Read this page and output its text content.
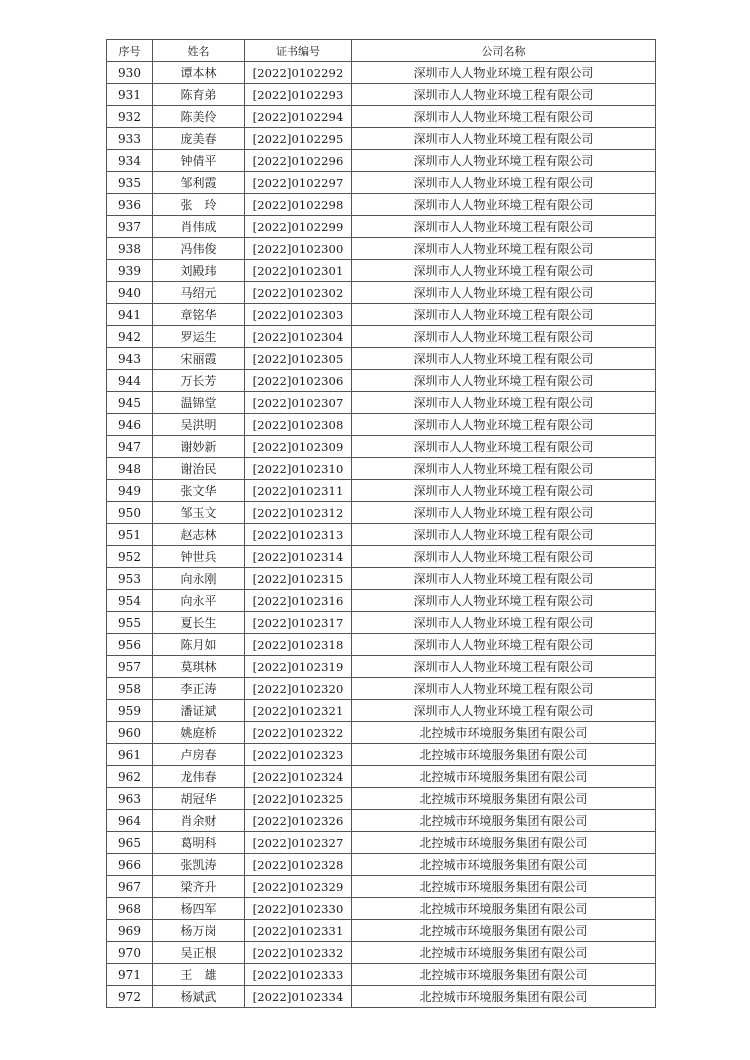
序号	姓名	证书编号	公司名称
930	谭本林	[2022]0102292	深圳市人人物业环境工程有限公司
931	陈育弟	[2022]0102293	深圳市人人物业环境工程有限公司
932	陈美伶	[2022]0102294	深圳市人人物业环境工程有限公司
933	庞美春	[2022]0102295	深圳市人人物业环境工程有限公司
934	钟倩平	[2022]0102296	深圳市人人物业环境工程有限公司
935	邹利霞	[2022]0102297	深圳市人人物业环境工程有限公司
936	张　玲	[2022]0102298	深圳市人人物业环境工程有限公司
937	肖伟成	[2022]0102299	深圳市人人物业环境工程有限公司
938	冯伟俊	[2022]0102300	深圳市人人物业环境工程有限公司
939	刘殿玮	[2022]0102301	深圳市人人物业环境工程有限公司
940	马绍元	[2022]0102302	深圳市人人物业环境工程有限公司
941	章铭华	[2022]0102303	深圳市人人物业环境工程有限公司
942	罗运生	[2022]0102304	深圳市人人物业环境工程有限公司
943	宋丽霞	[2022]0102305	深圳市人人物业环境工程有限公司
944	万长芳	[2022]0102306	深圳市人人物业环境工程有限公司
945	温锦堂	[2022]0102307	深圳市人人物业环境工程有限公司
946	吴洪明	[2022]0102308	深圳市人人物业环境工程有限公司
947	谢妙新	[2022]0102309	深圳市人人物业环境工程有限公司
948	谢治民	[2022]0102310	深圳市人人物业环境工程有限公司
949	张文华	[2022]0102311	深圳市人人物业环境工程有限公司
950	邹玉文	[2022]0102312	深圳市人人物业环境工程有限公司
951	赵志林	[2022]0102313	深圳市人人物业环境工程有限公司
952	钟世兵	[2022]0102314	深圳市人人物业环境工程有限公司
953	向永刚	[2022]0102315	深圳市人人物业环境工程有限公司
954	向永平	[2022]0102316	深圳市人人物业环境工程有限公司
955	夏长生	[2022]0102317	深圳市人人物业环境工程有限公司
956	陈月如	[2022]0102318	深圳市人人物业环境工程有限公司
957	莫琪林	[2022]0102319	深圳市人人物业环境工程有限公司
958	李正涛	[2022]0102320	深圳市人人物业环境工程有限公司
959	潘证斌	[2022]0102321	深圳市人人物业环境工程有限公司
960	姚庭桥	[2022]0102322	北控城市环境服务集团有限公司
961	卢房春	[2022]0102323	北控城市环境服务集团有限公司
962	龙伟春	[2022]0102324	北控城市环境服务集团有限公司
963	胡冠华	[2022]0102325	北控城市环境服务集团有限公司
964	肖余财	[2022]0102326	北控城市环境服务集团有限公司
965	葛明科	[2022]0102327	北控城市环境服务集团有限公司
966	张凯涛	[2022]0102328	北控城市环境服务集团有限公司
967	梁齐升	[2022]0102329	北控城市环境服务集团有限公司
968	杨四军	[2022]0102330	北控城市环境服务集团有限公司
969	杨万岗	[2022]0102331	北控城市环境服务集团有限公司
970	吴正根	[2022]0102332	北控城市环境服务集团有限公司
971	王　雄	[2022]0102333	北控城市环境服务集团有限公司
972	杨斌武	[2022]0102334	北控城市环境服务集团有限公司
